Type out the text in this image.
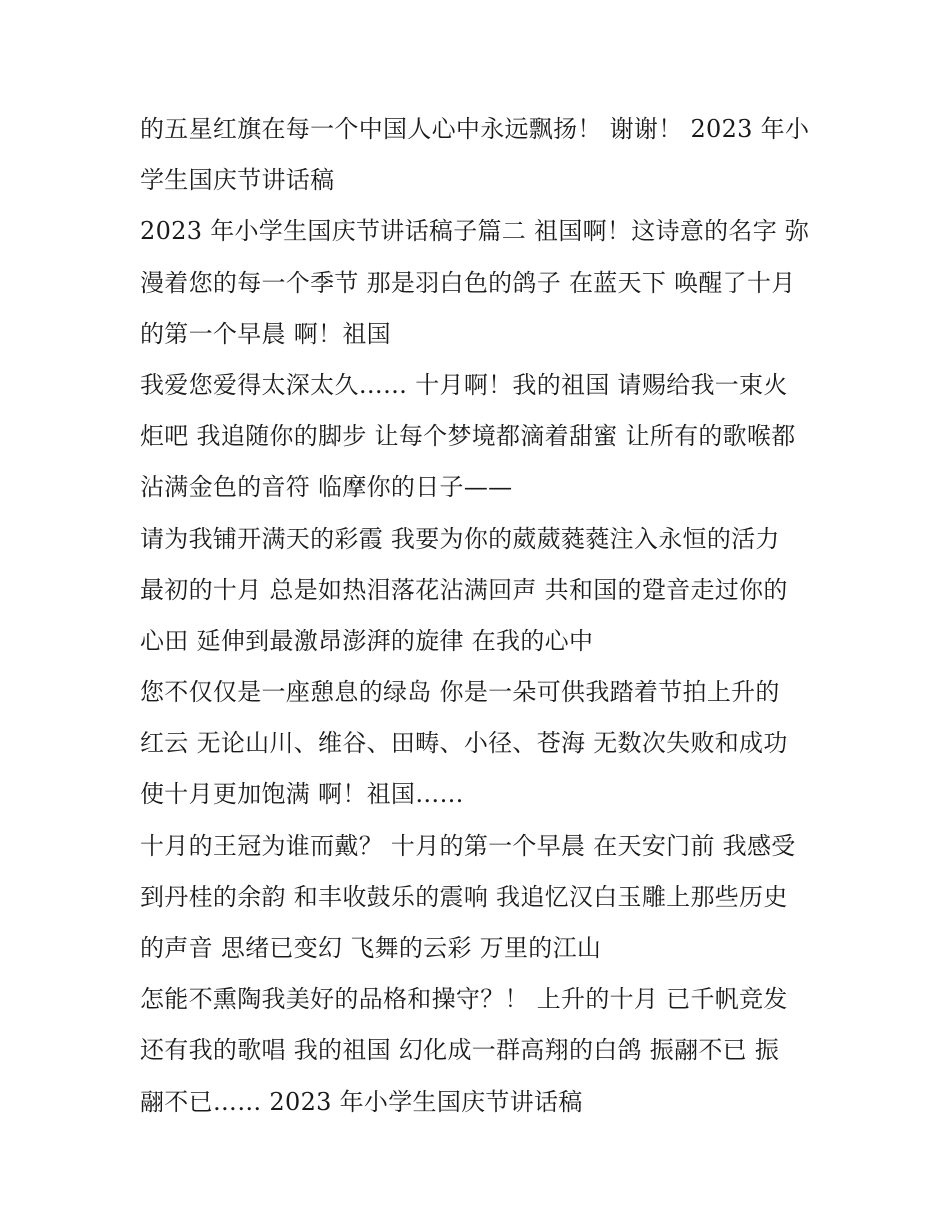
的五星红旗在每一个中国人心中永远飘扬！ 谢谢！ 2023 年小
学生国庆节讲话稿
2023 年小学生国庆节讲话稿子篇二 祖国啊！这诗意的名字 弥
漫着您的每一个季节 那是羽白色的鸽子 在蓝天下 唤醒了十月
的第一个早晨 啊！祖国
我爱您爱得太深太久…… 十月啊！我的祖国 请赐给我一束火
炬吧 我追随你的脚步 让每个梦境都滴着甜蜜 让所有的歌喉都
沾满金色的音符 临摩你的日子——
请为我铺开满天的彩霞 我要为你的葳葳蕤蕤注入永恒的活力
最初的十月 总是如热泪落花沾满回声 共和国的跫音走过你的
心田 延伸到最激昂澎湃的旋律 在我的心中
您不仅仅是一座憩息的绿岛 你是一朵可供我踏着节拍上升的
红云 无论山川、维谷、田畴、小径、苍海 无数次失败和成功
使十月更加饱满 啊！祖国……
十月的王冠为谁而戴？ 十月的第一个早晨 在天安门前 我感受
到丹桂的余韵 和丰收鼓乐的震响 我追忆汉白玉雕上那些历史
的声音 思绪已变幻 飞舞的云彩 万里的江山
怎能不熏陶我美好的品格和操守？！ 上升的十月 已千帆竞发
还有我的歌唱 我的祖国 幻化成一群高翔的白鸽 振翮不已 振
翮不已…… 2023 年小学生国庆节讲话稿
